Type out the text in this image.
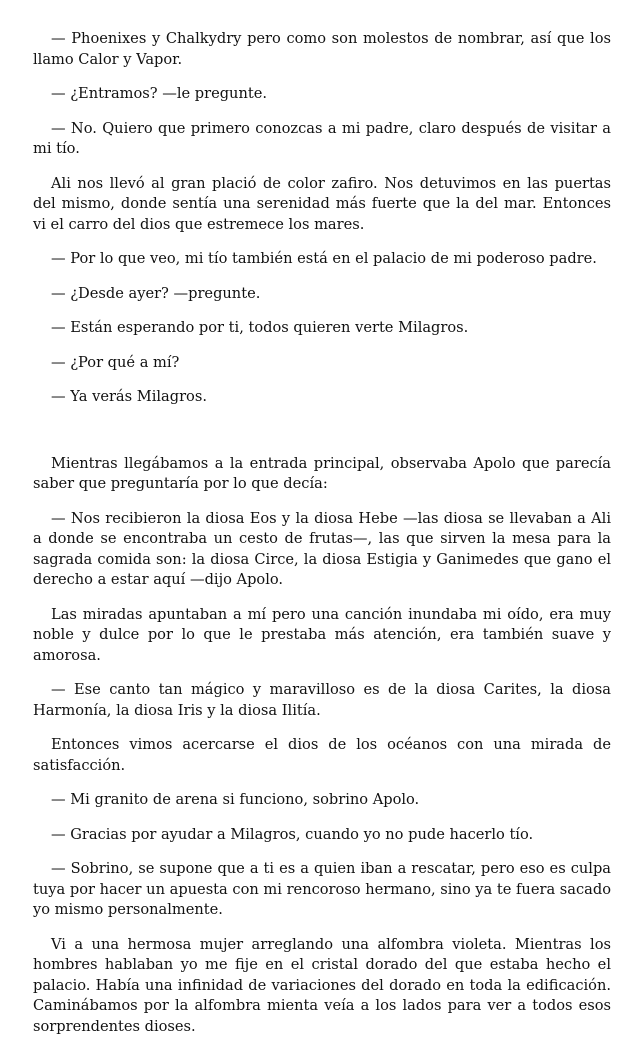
— Phoenixes y Chalkydry pero como son molestos de nombrar, así que los llamo Calor y Vapor.

— ¿Entramos? —le pregunte.

— No. Quiero que primero conozcas a mi padre, claro después de visitar a mi tío.

Ali nos llevó al gran plació de color zafiro. Nos detuvimos en las puertas del mismo, donde sentía una serenidad más fuerte que la del mar. Entonces vi el carro del dios que estremece los mares.

— Por lo que veo, mi tío también está en el palacio de mi poderoso padre.

— ¿Desde ayer? —pregunte.

— Están esperando por ti, todos quieren verte Milagros.

— ¿Por qué a mí?

— Ya verás Milagros.

Mientras llegábamos a la entrada principal, observaba Apolo que parecía saber que preguntaría por lo que decía:

— Nos recibieron la diosa Eos y la diosa Hebe —las diosa se llevaban a Ali a donde se encontraba un cesto de frutas—, las que sirven la mesa para la sagrada comida son: la diosa Circe, la diosa Estigia y Ganimedes que gano el derecho a estar aquí —dijo Apolo.

Las miradas apuntaban a mí pero una canción inundaba mi oído, era muy noble y dulce por lo que le prestaba más atención, era también suave y amorosa.

— Ese canto tan mágico y maravilloso es de la diosa Carites, la diosa Harmonía, la diosa Iris y la diosa Ilitía.

Entonces vimos acercarse el dios de los océanos con una mirada de satisfacción.

— Mi granito de arena si funciono, sobrino Apolo.

— Gracias por ayudar a Milagros, cuando yo no pude hacerlo tío.

— Sobrino, se supone que a ti es a quien iban a rescatar, pero eso es culpa tuya por hacer un apuesta con mi rencoroso hermano, sino ya te fuera sacado yo mismo personalmente.

Vi a una hermosa mujer arreglando una alfombra violeta. Mientras los hombres hablaban yo me fije en el cristal dorado del que estaba hecho el palacio. Había una infinidad de variaciones del dorado en toda la edificación. Caminábamos por la alfombra mienta veía a los lados para ver a todos esos sorprendentes dioses.
